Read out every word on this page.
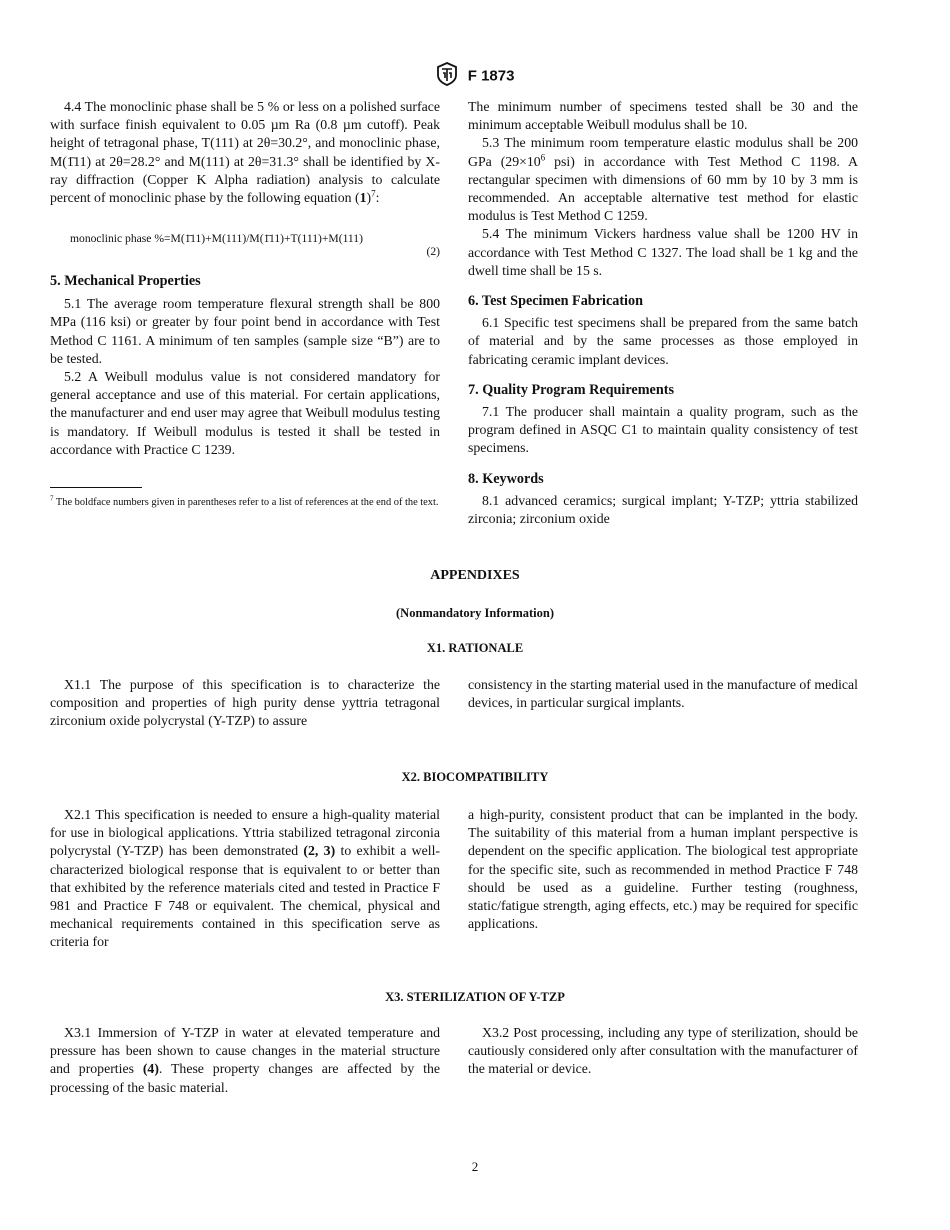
F 1873

4.4 The monoclinic phase shall be 5 % or less on a polished surface with surface finish equivalent to 0.05 µm Ra (0.8 µm cutoff). Peak height of tetragonal phase, T(111) at 2θ=30.2°, and monoclinic phase, M(1̄11) at 2θ=28.2° and M(111) at 2θ=31.3° shall be identified by X-ray diffraction (Copper K Alpha radiation) analysis to calculate percent of monoclinic phase by the following equation $(1)^7$:

monoclinic phase %=M(1̄11)+M(111)/M(1̄11)+T(111)+M(111)
(2)
5. Mechanical Properties

5.1 The average room temperature flexural strength shall be 800 MPa (116 ksi) or greater by four point bend in accordance with Test Method C 1161. A minimum of ten samples (sample size “B”) are to be tested.

5.2 A Weibull modulus value is not considered mandatory for general acceptance and use of this material. For certain applications, the manufacturer and end user may agree that Weibull modulus testing is mandatory. If Weibull modulus is tested it shall be tested in accordance with Practice C 1239.

$^7$ The boldface numbers given in parentheses refer to a list of references at the end of the text.

The minimum number of specimens tested shall be 30 and the minimum acceptable Weibull modulus shall be 10.

5.3 The minimum room temperature elastic modulus shall be 200 GPa ($29\times 10^6$ psi) in accordance with Test Method C 1198. A rectangular specimen with dimensions of 60 mm by 10 by 3 mm is recommended. An acceptable alternative test method for elastic modulus is Test Method C 1259.

5.4 The minimum Vickers hardness value shall be 1200 HV in accordance with Test Method C 1327. The load shall be 1 kg and the dwell time shall be 15 s.

6. Test Specimen Fabrication

6.1 Specific test specimens shall be prepared from the same batch of material and by the same processes as those employed in fabricating ceramic implant devices.

7. Quality Program Requirements

7.1 The producer shall maintain a quality program, such as the program defined in ASQC C1 to maintain quality consistency of test specimens.

8. Keywords

8.1 advanced ceramics; surgical implant; Y-TZP; yttria stabilized zirconia; zirconium oxide

APPENDIXES
(Nonmandatory Information)
X1. RATIONALE

X1.1 The purpose of this specification is to characterize the composition and properties of high purity dense yyttria tetragonal zirconium oxide polycrystal (Y-TZP) to assure

consistency in the starting material used in the manufacture of medical devices, in particular surgical implants.

X2. BIOCOMPATIBILITY

X2.1 This specification is needed to ensure a high-quality material for use in biological applications. Yttria stabilized tetragonal zirconia polycrystal (Y-TZP) has been demonstrated (2, 3) to exhibit a well-characterized biological response that is equivalent to or better than that exhibited by the reference materials cited and tested in Practice F 981 and Practice F 748 or equivalent. The chemical, physical and mechanical requirements contained in this specification serve as criteria for

a high-purity, consistent product that can be implanted in the body. The suitability of this material from a human implant perspective is dependent on the specific application. The biological test appropriate for the specific site, such as recommended in method Practice F 748 should be used as a guideline. Further testing (roughness, static/fatigue strength, aging effects, etc.) may be required for specific applications.

X3. STERILIZATION OF Y-TZP

X3.1 Immersion of Y-TZP in water at elevated temperature and pressure has been shown to cause changes in the material structure and properties (4). These property changes are affected by the processing of the basic material.

X3.2 Post processing, including any type of sterilization, should be cautiously considered only after consultation with the manufacturer of the material or device.

2
